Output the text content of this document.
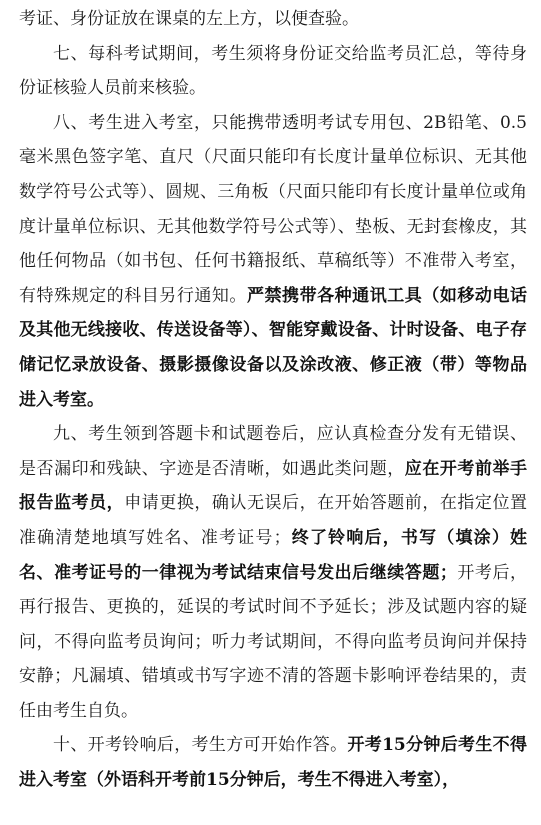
考证、身份证放在课桌的左上方，以便查验。

七、每科考试期间，考生须将身份证交给监考员汇总，等待身份证核验人员前来核验。

八、考生进入考室，只能携带透明考试专用包、2B铅笔、0.5毫米黑色签字笔、直尺（尺面只能印有长度计量单位标识、无其他数学符号公式等）、圆规、三角板（尺面只能印有长度计量单位或角度计量单位标识、无其他数学符号公式等）、垫板、无封套橡皮，其他任何物品（如书包、任何书籍报纸、草稿纸等）不准带入考室，有特殊规定的科目另行通知。严禁携带各种通讯工具（如移动电话及其他无线接收、传送设备等）、智能穿戴设备、计时设备、电子存储记忆录放设备、摄影摄像设备以及涂改液、修正液（带）等物品进入考室。

九、考生领到答题卡和试题卷后，应认真检查分发有无错误、是否漏印和残缺、字迹是否清晰，如遇此类问题，应在开考前举手报告监考员，申请更换，确认无误后，在开始答题前，在指定位置准确清楚地填写姓名、准考证号；终了铃响后，书写（填涂）姓名、准考证号的一律视为考试结束信号发出后继续答题；开考后，再行报告、更换的，延误的考试时间不予延长；涉及试题内容的疑问，不得向监考员询问；听力考试期间，不得向监考员询问并保持安静；凡漏填、错填或书写字迹不清的答题卡影响评卷结果的，责任由考生自负。

十、开考铃响后，考生方可开始作答。开考15分钟后考生不得进入考室（外语科开考前15分钟后，考生不得进入考室），
